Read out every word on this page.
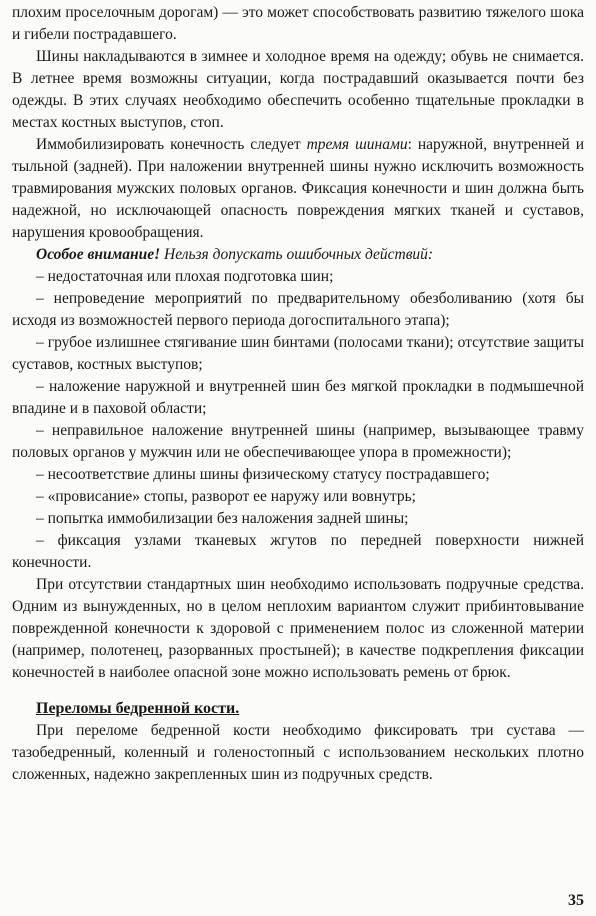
плохим проселочным дорогам) — это может способствовать развитию тяжелого шока и гибели пострадавшего.

Шины накладываются в зимнее и холодное время на одежду; обувь не снимается. В летнее время возможны ситуации, когда пострадавший оказывается почти без одежды. В этих случаях необходимо обеспечить особенно тщательные прокладки в местах костных выступов, стоп.

Иммобилизировать конечность следует тремя шинами: наружной, внутренней и тыльной (задней). При наложении внутренней шины нужно исключить возможность травмирования мужских половых органов. Фиксация конечности и шин должна быть надежной, но исключающей опасность повреждения мягких тканей и суставов, нарушения кровообращения.

Особое внимание! Нельзя допускать ошибочных действий:

– недостаточная или плохая подготовка шин;

– непроведение мероприятий по предварительному обезболиванию (хотя бы исходя из возможностей первого периода догоспитального этапа);

– грубое излишнее стягивание шин бинтами (полосами ткани); отсутствие защиты суставов, костных выступов;

– наложение наружной и внутренней шин без мягкой прокладки в подмышечной впадине и в паховой области;

– неправильное наложение внутренней шины (например, вызывающее травму половых органов у мужчин или не обеспечивающее упора в промежности);

– несоответствие длины шины физическому статусу пострадавшего;

– «провисание» стопы, разворот ее наружу или вовнутрь;

– попытка иммобилизации без наложения задней шины;

– фиксация узлами тканевых жгутов по передней поверхности нижней конечности.

При отсутствии стандартных шин необходимо использовать подручные средства. Одним из вынужденных, но в целом неплохим вариантом служит прибинтовывание поврежденной конечности к здоровой с применением полос из сложенной материи (например, полотенец, разорванных простыней); в качестве подкрепления фиксации конечностей в наиболее опасной зоне можно использовать ремень от брюк.

Переломы бедренной кости.

При переломе бедренной кости необходимо фиксировать три сустава — тазобедренный, коленный и голеностопный с использованием нескольких плотно сложенных, надежно закрепленных шин из подручных средств.

35
